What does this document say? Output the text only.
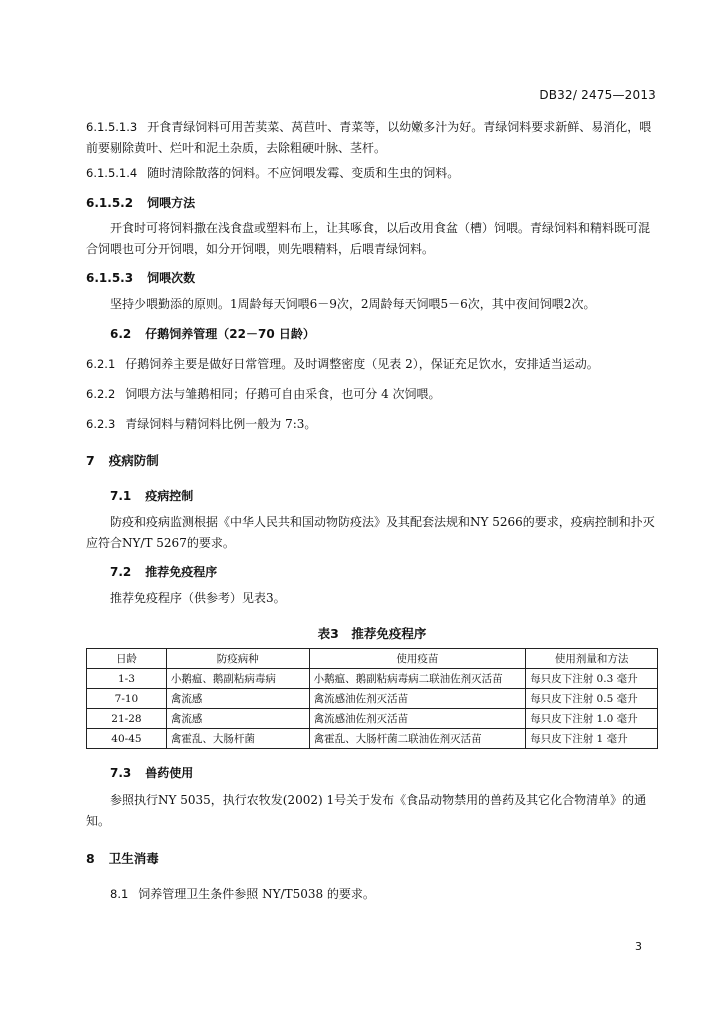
DB32/ 2475—2013
6.1.5.1.3 开食青绿饲料可用苦荬菜、莴苣叶、青菜等，以幼嫩多汁为好。青绿饲料要求新鲜、易消化，喂前要剔除黄叶、烂叶和泥土杂质，去除粗硬叶脉、茎杆。
6.1.5.1.4 随时清除散落的饲料。不应饲喂发霉、变质和生虫的饲料。
6.1.5.2 饲喂方法
开食时可将饲料撒在浅食盘或塑料布上，让其啄食，以后改用食盆（槽）饲喂。青绿饲料和精料既可混合饲喂也可分开饲喂，如分开饲喂，则先喂精料，后喂青绿饲料。
6.1.5.3 饲喂次数
坚持少喂勤添的原则。1周龄每天饲喂6－9次，2周龄每天饲喂5－6次，其中夜间饲喂2次。
6.2 仔鹅饲养管理（22－70 日龄）
6.2.1 仔鹅饲养主要是做好日常管理。及时调整密度（见表 2），保证充足饮水，安排适当运动。
6.2.2 饲喂方法与雏鹅相同；仔鹅可自由采食，也可分 4 次饲喂。
6.2.3 青绿饲料与精饲料比例一般为 7:3。
7 疫病防制
7.1 疫病控制
防疫和疫病监测根据《中华人民共和国动物防疫法》及其配套法规和NY 5266的要求，疫病控制和扑灭应符合NY/T 5267的要求。
7.2 推荐免疫程序
推荐免疫程序（供参考）见表3。
表3　推荐免疫程序
日龄	防疫病种	使用疫苗	使用剂量和方法
1-3	小鹅瘟、鹅副粘病毒病	小鹅瘟、鹅副粘病毒病二联油佐剂灭活苗	每只皮下注射 0.3 毫升
7-10	禽流感	禽流感油佐剂灭活苗	每只皮下注射 0.5 毫升
21-28	禽流感	禽流感油佐剂灭活苗	每只皮下注射 1.0 毫升
40-45	禽霍乱、大肠杆菌	禽霍乱、大肠杆菌二联油佐剂灭活苗	每只皮下注射 1 毫升
7.3 兽药使用
参照执行NY 5035，执行农牧发(2002) 1号关于发布《食品动物禁用的兽药及其它化合物清单》的通知。
8 卫生消毒
8.1 饲养管理卫生条件参照 NY/T5038 的要求。
3
